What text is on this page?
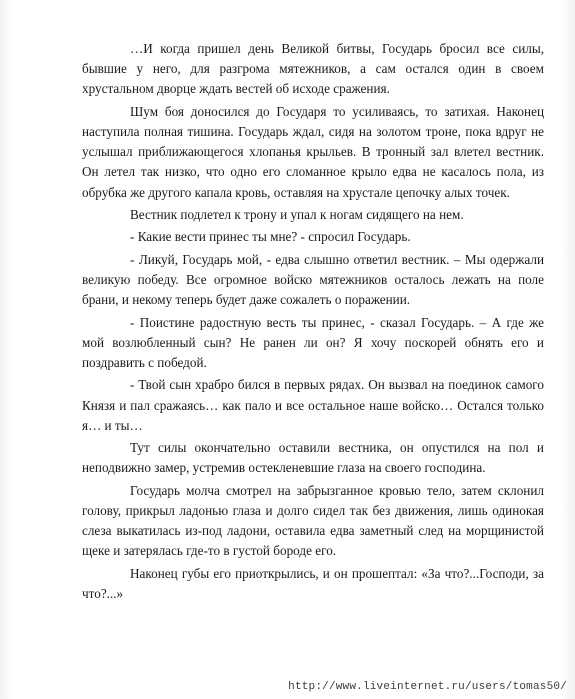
…И когда пришел день Великой битвы, Государь бросил все силы, бывшие у него, для разгрома мятежников, а сам остался один в своем хрустальном дворце ждать вестей об исходе сражения.

Шум боя доносился до Государя то усиливаясь, то затихая. Наконец наступила полная тишина. Государь ждал, сидя на золотом троне, пока вдруг не услышал приближающегося хлопанья крыльев. В тронный зал влетел вестник. Он летел так низко, что одно его сломанное крыло едва не касалось пола, из обрубка же другого капала кровь, оставляя на хрустале цепочку алых точек.

Вестник подлетел к трону и упал к ногам сидящего на нем.

- Какие вести принес ты мне? - спросил Государь.

- Ликуй, Государь мой, - едва слышно ответил вестник. – Мы одержали великую победу. Все огромное войско мятежников осталось лежать на поле брани, и некому теперь будет даже сожалеть о поражении.

- Поистине радостную весть ты принес, - сказал Государь. – А где же мой возлюбленный сын? Не ранен ли он? Я хочу поскорей обнять его и поздравить с победой.

- Твой сын храбро бился в первых рядах. Он вызвал на поединок самого Князя и пал сражаясь… как пало и все остальное наше войско… Остался только я… и ты…

Тут силы окончательно оставили вестника, он опустился на пол и неподвижно замер, устремив остекленевшие глаза на своего господина.

Государь молча смотрел на забрызганное кровью тело, затем склонил голову, прикрыл ладонью глаза и долго сидел так без движения, лишь одинокая слеза выкатилась из-под ладони, оставила едва заметный след на морщинистой щеке и затерялась где-то в густой бороде его.

Наконец губы его приоткрылись, и он прошептал: «За что?...Господи, за что?...»

http://www.liveinternet.ru/users/tomas50/
